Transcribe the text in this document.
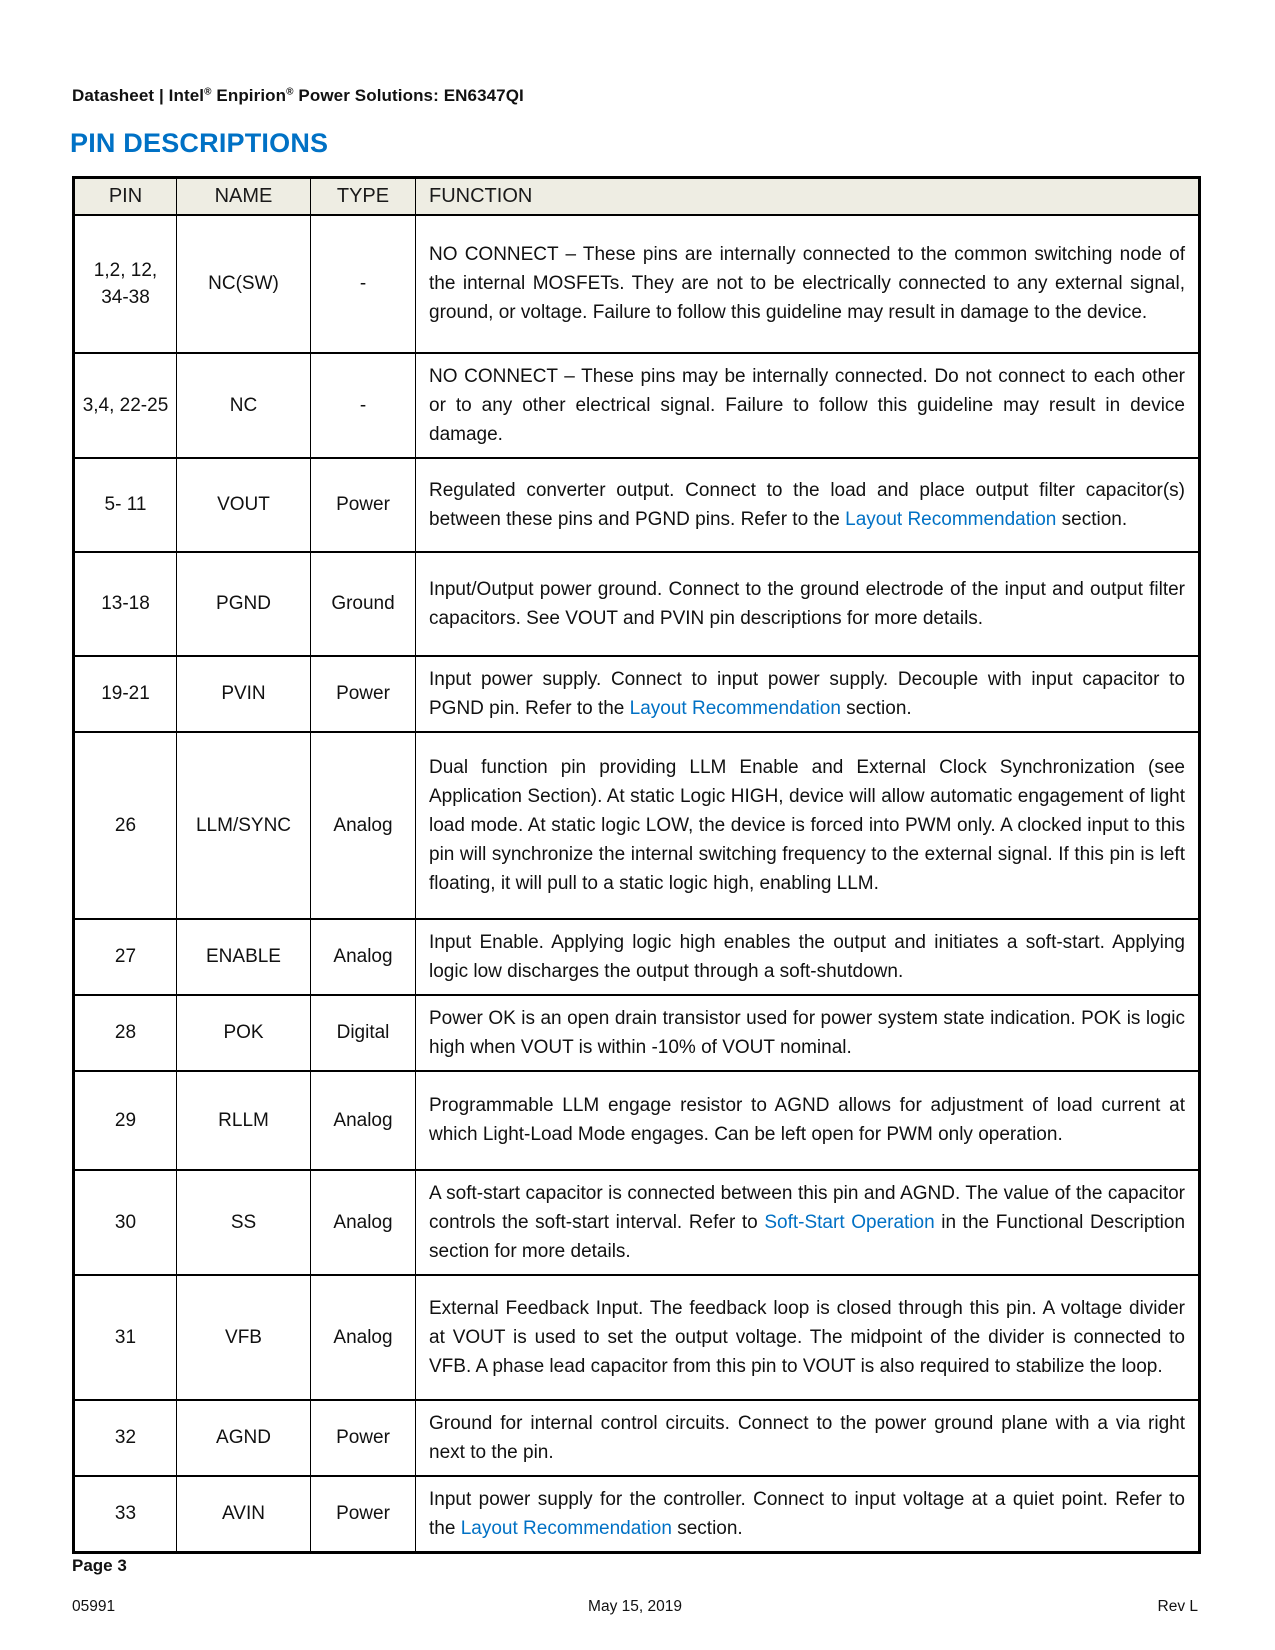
Datasheet | Intel® Enpirion® Power Solutions: EN6347QI
PIN DESCRIPTIONS
PIN	NAME	TYPE	FUNCTION
1,2, 12, 34-38	NC(SW)	-	NO CONNECT – These pins are internally connected to the common switching node of the internal MOSFETs. They are not to be electrically connected to any external signal, ground, or voltage. Failure to follow this guideline may result in damage to the device.
3,4, 22-25	NC	-	NO CONNECT – These pins may be internally connected. Do not connect to each other or to any other electrical signal. Failure to follow this guideline may result in device damage.
5- 11	VOUT	Power	Regulated converter output. Connect to the load and place output filter capacitor(s) between these pins and PGND pins. Refer to the Layout Recommendation section.
13-18	PGND	Ground	Input/Output power ground. Connect to the ground electrode of the input and output filter capacitors. See VOUT and PVIN pin descriptions for more details.
19-21	PVIN	Power	Input power supply. Connect to input power supply. Decouple with input capacitor to PGND pin. Refer to the Layout Recommendation section.
26	LLM/SYNC	Analog	Dual function pin providing LLM Enable and External Clock Synchronization (see Application Section). At static Logic HIGH, device will allow automatic engagement of light load mode. At static logic LOW, the device is forced into PWM only. A clocked input to this pin will synchronize the internal switching frequency to the external signal. If this pin is left floating, it will pull to a static logic high, enabling LLM.
27	ENABLE	Analog	Input Enable. Applying logic high enables the output and initiates a soft-start. Applying logic low discharges the output through a soft-shutdown.
28	POK	Digital	Power OK is an open drain transistor used for power system state indication. POK is logic high when VOUT is within -10% of VOUT nominal.
29	RLLM	Analog	Programmable LLM engage resistor to AGND allows for adjustment of load current at which Light-Load Mode engages. Can be left open for PWM only operation.
30	SS	Analog	A soft-start capacitor is connected between this pin and AGND. The value of the capacitor controls the soft-start interval. Refer to Soft-Start Operation in the Functional Description section for more details.
31	VFB	Analog	External Feedback Input. The feedback loop is closed through this pin. A voltage divider at VOUT is used to set the output voltage. The midpoint of the divider is connected to VFB. A phase lead capacitor from this pin to VOUT is also required to stabilize the loop.
32	AGND	Power	Ground for internal control circuits. Connect to the power ground plane with a via right next to the pin.
33	AVIN	Power	Input power supply for the controller. Connect to input voltage at a quiet point. Refer to the Layout Recommendation section.
Page 3
05991	May 15, 2019	Rev L
